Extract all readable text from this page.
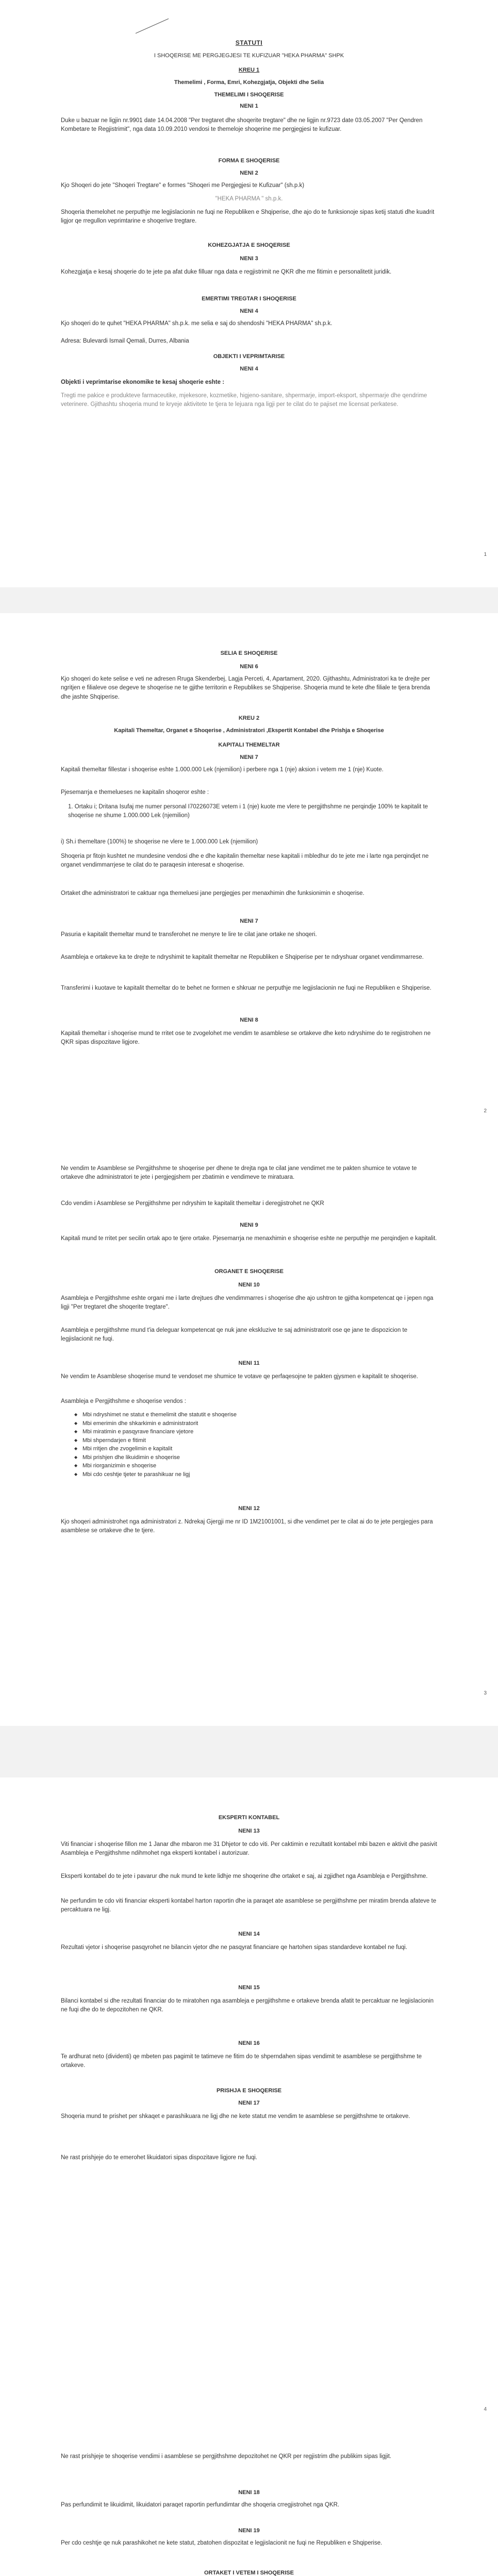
STATUTI
I SHOQERISE ME PERGJEGJESI TE KUFIZUAR "HEKA PHARMA" SHPK
KREU 1
Themelimi , Forma, Emri, Kohezgjatja, Objekti dhe Selia
THEMELIMI I SHOQERISE
NENI 1
Duke u bazuar ne ligjin nr.9901 date 14.04.2008 "Per tregtaret dhe shoqerite tregtare" dhe ne ligjin nr.9723 date 03.05.2007 "Per Qendren Kombetare te Regjistrimit", nga data 10.09.2010 vendosi te themeloje shoqerine me pergjegjesi te kufizuar.
FORMA E SHOQERISE
NENI 2
Kjo Shoqeri do jete "Shoqeri Tregtare" e formes "Shoqeri me Pergjegjesi te Kufizuar" (sh.p.k)
"HEKA PHARMA " sh.p.k.
Shoqeria themelohet ne perputhje me legjislacionin ne fuqi ne Republiken e Shqiperise, dhe ajo do te funksionoje sipas ketij statuti dhe kuadrit ligjor qe rregullon veprimtarine e shoqerive tregtare.
KOHEZGJATJA E SHOQERISE
NENI 3
Kohezgjatja e kesaj shoqerie do te jete pa afat duke filluar nga data e regjistrimit ne QKR dhe me fitimin e personalitetit juridik.
EMERTIMI TREGTAR I SHOQERISE
NENI 4
Kjo shoqeri do te quhet "HEKA PHARMA" sh.p.k. me selia e saj do shendoshi "HEKA PHARMA" sh.p.k.
Adresa: Bulevardi Ismail Qemali, Durres, Albania
OBJEKTI I VEPRIMTARISE
NENI 4
Objekti i veprimtarise ekonomike te kesaj shoqerie eshte :
Tregti me pakice e produkteve farmaceutike, mjekesore, kozmetike, higjeno-sanitare, shpermarje, import-eksport, shpermarje dhe qendrime veterinere. Gjithashtu shoqeria mund te kryeje aktivitete te tjera te lejuara nga ligji per te cilat do te pajiset me licensat perkatese.
1
SELIA E SHOQERISE
NENI 6
Kjo shoqeri do kete selise e veti ne adresen Rruga Skenderbej, Lagja Perceti, 4, Apartament, 2020. Gjithashtu, Administratori ka te drejte per ngritjen e filialeve ose degeve te shoqerise ne te gjithe territorin e Republikes se Shqiperise. Shoqeria mund te kete dhe filiale te tjera brenda dhe jashte Shqiperise.
KREU 2
Kapitali Themeltar, Organet e Shoqerise , Administratori ,Ekspertit Kontabel dhe Prishja e Shoqerise
KAPITALI THEMELTAR
NENI 7
Kapitali themeltar fillestar i shoqerise eshte 1.000.000 Lek (njemilion) i perbere nga 1 (nje) aksion i vetem me 1 (nje) Kuote.
Pjesemarrja e themelueses ne kapitalin shoqeror eshte :
1. Ortaku i; Dritana Isufaj me numer personal I70226073E vetem i 1 (nje) kuote me vlere te pergjithshme ne perqindje 100% te kapitalit te shoqerise ne shume 1.000.000 Lek (njemilion)
i) Sh.i themeltare (100%) te shoqerise ne vlere te 1.000.000 Lek (njemilion)
Shoqeria pr fitojn kushtet ne mundesine vendosi dhe e dhe kapitalin themeltar nese kapitali i mbledhur do te jete me i larte nga perqindjet ne organet vendimmarrjese te cilat do te paraqesin interesat e shoqerise.
Ortaket dhe administratori te caktuar nga themeluesi jane pergjegjes per menaxhimin dhe funksionimin e shoqerise.
NENI 7
Pasuria e kapitalit themeltar mund te transferohet ne menyre te lire te cilat jane ortake ne shoqeri.
Asambleja e ortakeve ka te drejte te ndryshimit te kapitalit themeltar ne Republiken e Shqiperise per te ndryshuar organet vendimmarrese.
Transferimi i kuotave te kapitalit themeltar do te behet ne formen e shkruar ne perputhje me legjislacionin ne fuqi ne Republiken e Shqiperise.
NENI 8
Kapitali themeltar i shoqerise mund te rritet ose te zvogelohet me vendim te asamblese se ortakeve dhe keto ndryshime do te regjistrohen ne QKR sipas dispozitave ligjore.
2
Ne vendim te Asamblese se Pergjithshme te shoqerise per dhene te drejta nga te cilat jane vendimet me te pakten shumice te votave te ortakeve dhe administratori te jete i pergjegjshem per zbatimin e vendimeve te miratuara.
Cdo vendim i Asamblese se Pergjithshme per ndryshim te kapitalit themeltar i deregjistrohet ne QKR
NENI 9
Kapitali mund te rritet per secilin ortak apo te tjere ortake. Pjesemarrja ne menaxhimin e shoqerise eshte ne perputhje me perqindjen e kapitalit.
ORGANET E SHOQERISE
NENI 10
Asambleja e Pergjithshme eshte organi me i larte drejtues dhe vendimmarres i shoqerise dhe ajo ushtron te gjitha kompetencat qe i jepen nga ligji "Per tregtaret dhe shoqerite tregtare".
Asambleja e pergjithshme mund t'ia deleguar kompetencat qe nuk jane ekskluzive te saj administratorit ose qe jane te dispozicion te legjislacionit ne fuqi.
NENI 11
Ne vendim te Asamblese shoqerise mund te vendoset me shumice te votave qe perfaqesojne te pakten gjysmen e kapitalit te shoqerise.
Asambleja e Pergjithshme e shoqerise vendos :
◆ Mbi ndryshimet ne statut e themelimit dhe statutit e shoqerise
◆ Mbi emerimin dhe shkarkimin e administratorit
◆ Mbi miratimin e pasqyrave financiare vjetore
◆ Mbi shperndarjen e fitimit
◆ Mbi rritjen dhe zvogelimin e kapitalit
◆ Mbi prishjen dhe likuidimin e shoqerise
◆ Mbi riorganizimin e shoqerise
◆ Mbi cdo ceshtje tjeter te parashikuar ne ligj
NENI 12
Kjo shoqeri administrohet nga administratori z. Ndrekaj Gjergji me nr ID 1M21001001, si dhe vendimet per te cilat ai do te jete pergjegjes para asamblese se ortakeve dhe te tjere.
3
EKSPERTI KONTABEL
NENI 13
Viti financiar i shoqerise fillon me 1 Janar dhe mbaron me 31 Dhjetor te cdo viti. Per caktimin e rezultatit kontabel mbi bazen e aktivit dhe pasivit Asambleja e Pergjithshme ndihmohet nga eksperti kontabel i autorizuar.
Eksperti kontabel do te jete i pavarur dhe nuk mund te kete lidhje me shoqerine dhe ortaket e saj, ai zgjidhet nga Asambleja e Pergjithshme.
Ne perfundim te cdo viti financiar eksperti kontabel harton raportin dhe ia paraqet ate asamblese se pergjithshme per miratim brenda afateve te percaktuara ne ligj.
NENI 14
Rezultati vjetor i shoqerise pasqyrohet ne bilancin vjetor dhe ne pasqyrat financiare qe hartohen sipas standardeve kontabel ne fuqi.
NENI 15
Bilanci kontabel si dhe rezultati financiar do te miratohen nga asambleja e pergjithshme e ortakeve brenda afatit te percaktuar ne legjislacionin ne fuqi dhe do te depozitohen ne QKR.
NENI 16
Te ardhurat neto (dividenti) qe mbeten pas pagimit te tatimeve ne fitim do te shperndahen sipas vendimit te asamblese se pergjithshme te ortakeve.
PRISHJA E SHOQERISE
NENI 17
Shoqeria mund te prishet per shkaqet e parashikuara ne ligj dhe ne kete statut me vendim te asamblese se pergjithshme te ortakeve.
Ne rast prishjeje do te emerohet likuidatori sipas dispozitave ligjore ne fuqi.
4
Ne rast prishjeje te shoqerise vendimi i asamblese se pergjithshme depozitohet ne QKR per regjistrim dhe publikim sipas ligjit.
NENI 18
Pas perfundimit te likuidimit, likuidatori paraqet raportin perfundimtar dhe shoqeria crregjistrohet nga QKR.
NENI 19
Per cdo ceshtje qe nuk parashikohet ne kete statut, zbatohen dispozitat e legjislacionit ne fuqi ne Republiken e Shqiperise.
ORTAKET I VETEM I SHOQERISE
